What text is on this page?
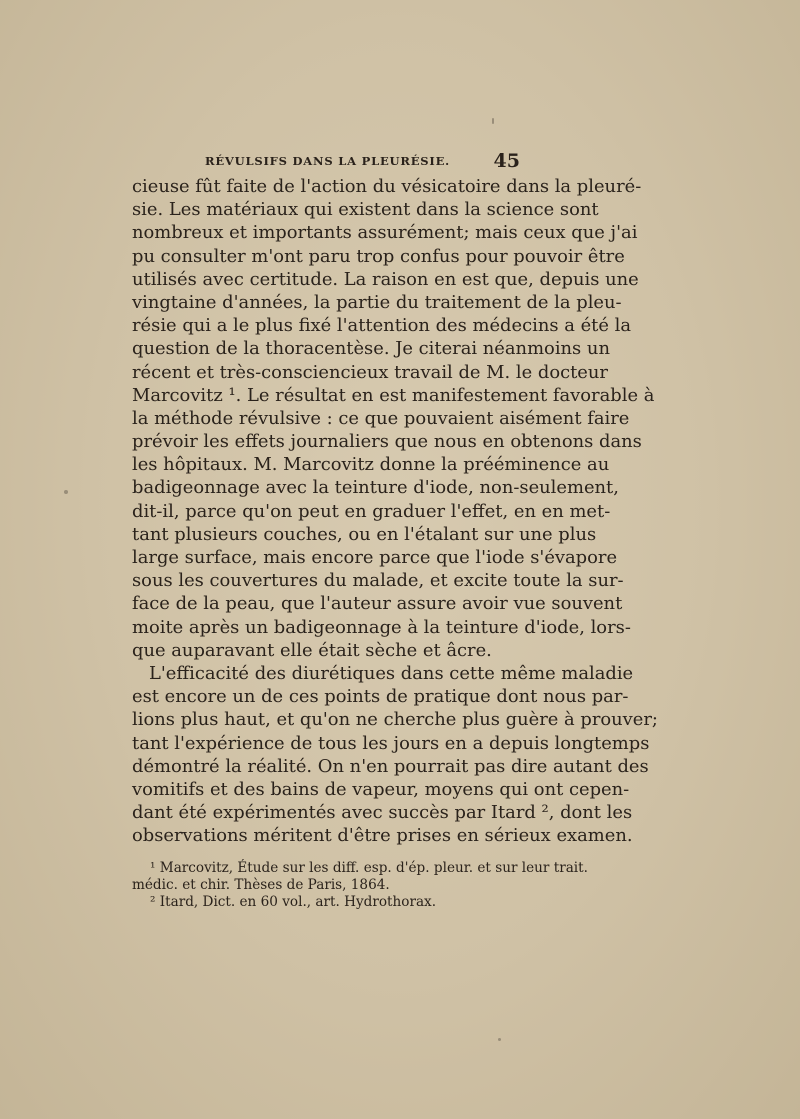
RÉVULSIFS DANS LA PLEURÉSIE. 45
cieuse fût faite de l'action du vésicatoire dans la pleuré-
sie. Les matériaux qui existent dans la science sont
nombreux et importants assurément; mais ceux que j'ai
pu consulter m'ont paru trop confus pour pouvoir être
utilisés avec certitude. La raison en est que, depuis une
vingtaine d'années, la partie du traitement de la pleu-
résie qui a le plus fixé l'attention des médecins a été la
question de la thoracentèse. Je citerai néanmoins un
récent et très-consciencieux travail de M. le docteur
Marcovitz ¹. Le résultat en est manifestement favorable à
la méthode révulsive : ce que pouvaient aisément faire
prévoir les effets journaliers que nous en obtenons dans
les hôpitaux. M. Marcovitz donne la prééminence au
badigeonnage avec la teinture d'iode, non-seulement,
dit-il, parce qu'on peut en graduer l'effet, en en met-
tant plusieurs couches, ou en l'étalant sur une plus
large surface, mais encore parce que l'iode s'évapore
sous les couvertures du malade, et excite toute la sur-
face de la peau, que l'auteur assure avoir vue souvent
moite après un badigeonnage à la teinture d'iode, lors-
que auparavant elle était sèche et âcre.
L'efficacité des diurétiques dans cette même maladie
est encore un de ces points de pratique dont nous par-
lions plus haut, et qu'on ne cherche plus guère à prouver;
tant l'expérience de tous les jours en a depuis longtemps
démontré la réalité. On n'en pourrait pas dire autant des
vomitifs et des bains de vapeur, moyens qui ont cepen-
dant été expérimentés avec succès par Itard ², dont les
observations méritent d'être prises en sérieux examen.
¹ Marcovitz, Étude sur les diff. esp. d'ép. pleur. et sur leur trait.
médic. et chir. Thèses de Paris, 1864.
² Itard, Dict. en 60 vol., art. Hydrothorax.
